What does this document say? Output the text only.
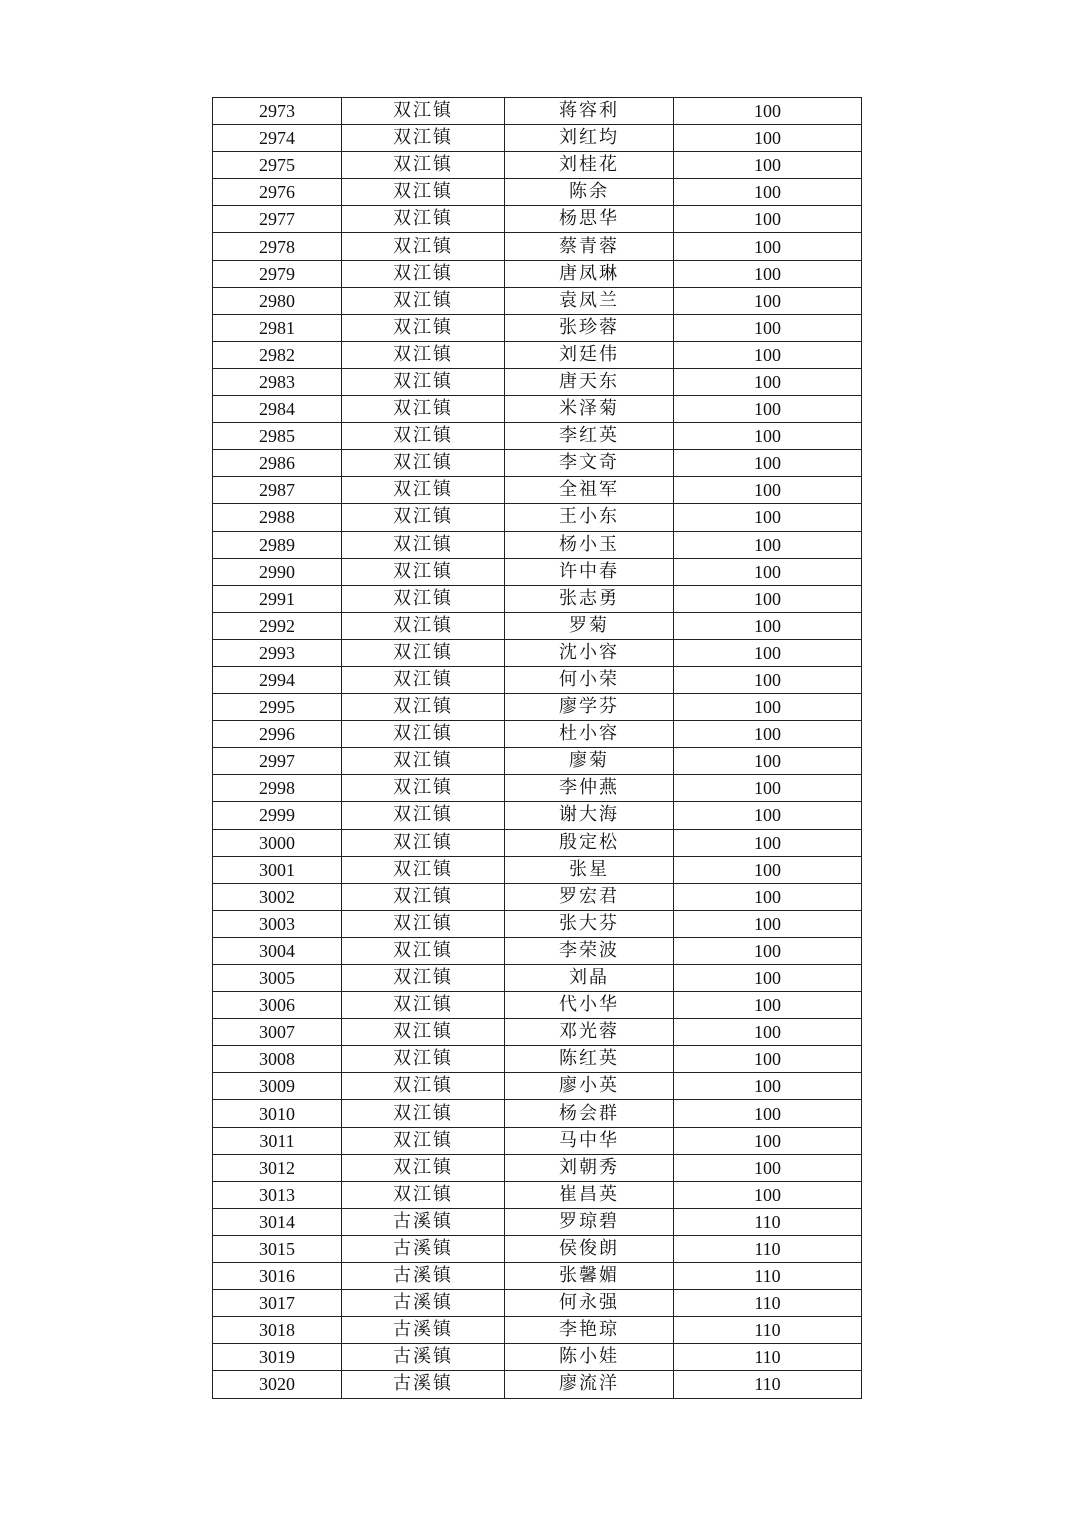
2973	双江镇	蒋容利	100
2974	双江镇	刘红均	100
2975	双江镇	刘桂花	100
2976	双江镇	陈余	100
2977	双江镇	杨思华	100
2978	双江镇	蔡青蓉	100
2979	双江镇	唐凤琳	100
2980	双江镇	袁凤兰	100
2981	双江镇	张珍蓉	100
2982	双江镇	刘廷伟	100
2983	双江镇	唐天东	100
2984	双江镇	米泽菊	100
2985	双江镇	李红英	100
2986	双江镇	李文奇	100
2987	双江镇	全祖军	100
2988	双江镇	王小东	100
2989	双江镇	杨小玉	100
2990	双江镇	许中春	100
2991	双江镇	张志勇	100
2992	双江镇	罗菊	100
2993	双江镇	沈小容	100
2994	双江镇	何小荣	100
2995	双江镇	廖学芬	100
2996	双江镇	杜小容	100
2997	双江镇	廖菊	100
2998	双江镇	李仲燕	100
2999	双江镇	谢大海	100
3000	双江镇	殷定松	100
3001	双江镇	张星	100
3002	双江镇	罗宏君	100
3003	双江镇	张大芬	100
3004	双江镇	李荣波	100
3005	双江镇	刘晶	100
3006	双江镇	代小华	100
3007	双江镇	邓光蓉	100
3008	双江镇	陈红英	100
3009	双江镇	廖小英	100
3010	双江镇	杨会群	100
3011	双江镇	马中华	100
3012	双江镇	刘朝秀	100
3013	双江镇	崔昌英	100
3014	古溪镇	罗琼碧	110
3015	古溪镇	侯俊朗	110
3016	古溪镇	张馨媚	110
3017	古溪镇	何永强	110
3018	古溪镇	李艳琼	110
3019	古溪镇	陈小娃	110
3020	古溪镇	廖流洋	110
